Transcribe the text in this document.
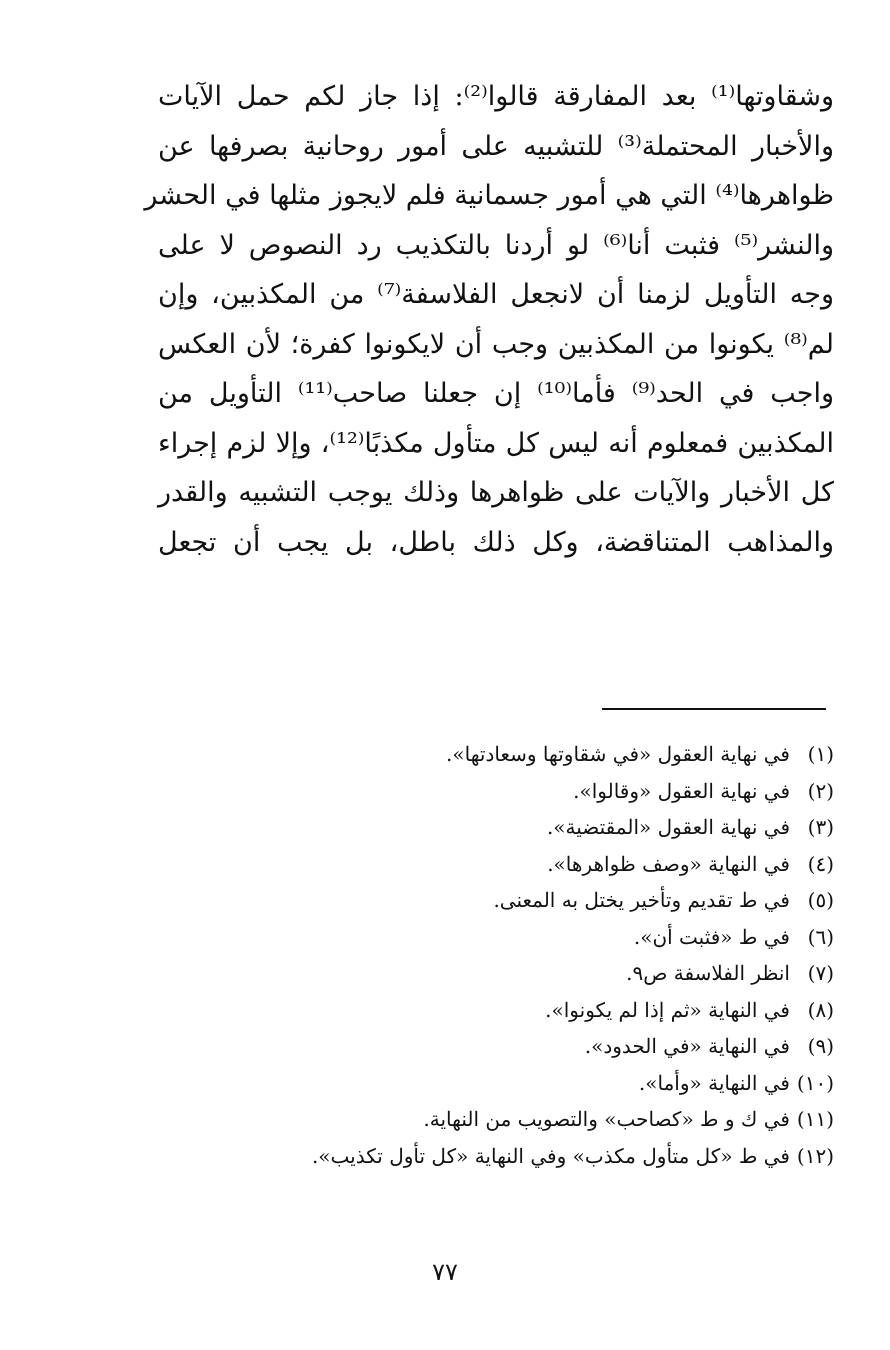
وشقاوتها⁽¹⁾ بعد المفارقة قالوا⁽²⁾: إذا جاز لكم حمل الآيات
والأخبار المحتملة⁽³⁾ للتشبيه على أمور روحانية بصرفها عن
ظواهرها⁽⁴⁾ التي هي أمور جسمانية فلم لايجوز مثلها في الحشر
والنشر⁽⁵⁾ فثبت أنا⁽⁶⁾ لو أردنا بالتكذيب رد النصوص لا على
وجه التأويل لزمنا أن لانجعل الفلاسفة⁽⁷⁾ من المكذبين، وإن
لم⁽⁸⁾ يكونوا من المكذبين وجب أن لايكونوا كفرة؛ لأن العكس
واجب في الحد⁽⁹⁾ فأما⁽¹⁰⁾ إن جعلنا صاحب⁽¹¹⁾ التأويل من
المكذبين فمعلوم أنه ليس كل متأول مكذبًا⁽¹²⁾، وإلا لزم إجراء
كل الأخبار والآيات على ظواهرها وذلك يوجب التشبيه والقدر
والمذاهب المتناقضة، وكل ذلك باطل، بل يجب أن تجعل
(١)في نهاية العقول «في شقاوتها وسعادتها».
(٢)في نهاية العقول «وقالوا».
(٣)في نهاية العقول «المقتضية».
(٤)في النهاية «وصف ظواهرها».
(٥)في ط تقديم وتأخير يختل به المعنى.
(٦)في ط «فثبت أن».
(٧)انظر الفلاسفة ص٩.
(٨)في النهاية «ثم إذا لم يكونوا».
(٩)في النهاية «في الحدود».
(١٠)في النهاية «وأما».
(١١)في ك و ط «كصاحب» والتصويب من النهاية.
(١٢)في ط «كل متأول مكذب» وفي النهاية «كل تأول تكذيب».
٧٧
